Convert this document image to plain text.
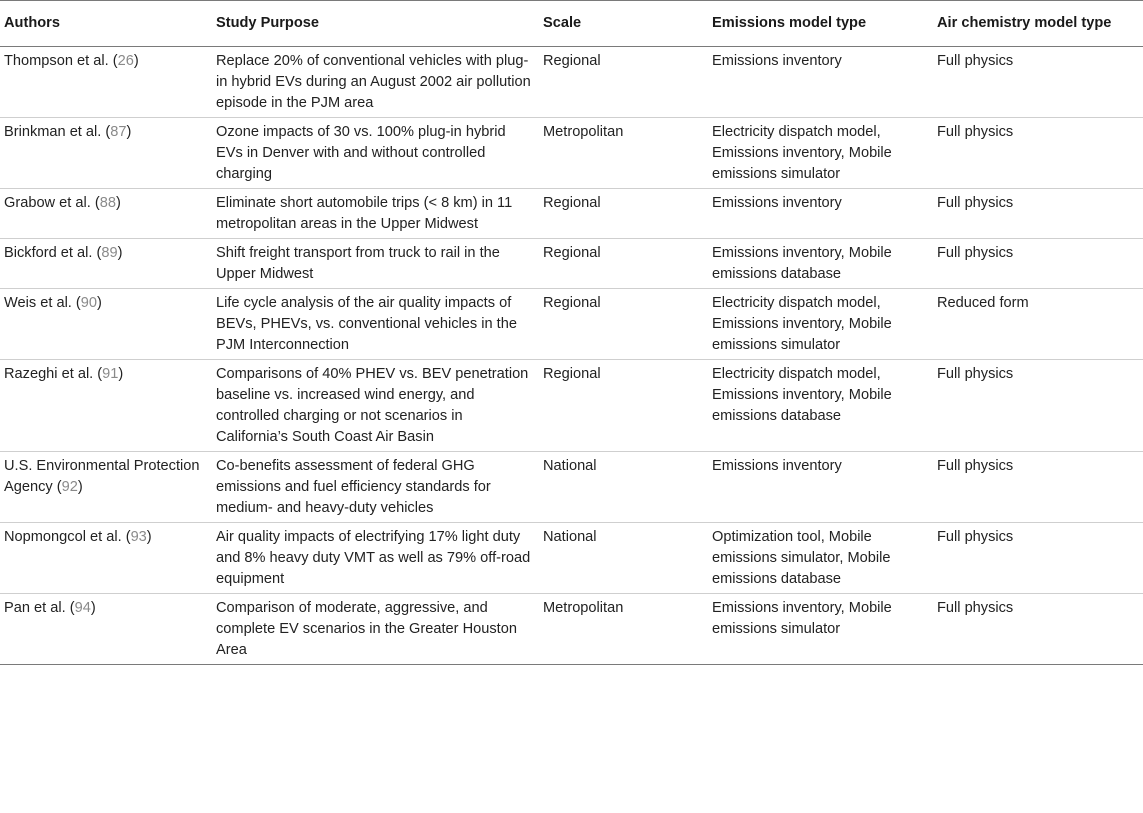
Authors	Study Purpose	Scale	Emissions model type	Air chemistry model type
Thompson et al. (26)	Replace 20% of conventional vehicles with plug-in hybrid EVs during an August 2002 air pollution episode in the PJM area	Regional	Emissions inventory	Full physics
Brinkman et al. (87)	Ozone impacts of 30 vs. 100% plug-in hybrid EVs in Denver with and without controlled charging	Metropolitan	Electricity dispatch model, Emissions inventory, Mobile emissions simulator	Full physics
Grabow et al. (88)	Eliminate short automobile trips (< 8 km) in 11 metropolitan areas in the Upper Midwest	Regional	Emissions inventory	Full physics
Bickford et al. (89)	Shift freight transport from truck to rail in the Upper Midwest	Regional	Emissions inventory, Mobile emissions database	Full physics
Weis et al. (90)	Life cycle analysis of the air quality impacts of BEVs, PHEVs, vs. conventional vehicles in the PJM Interconnection	Regional	Electricity dispatch model, Emissions inventory, Mobile emissions simulator	Reduced form
Razeghi et al. (91)	Comparisons of 40% PHEV vs. BEV penetration baseline vs. increased wind energy, and controlled charging or not scenarios in California’s South Coast Air Basin	Regional	Electricity dispatch model, Emissions inventory, Mobile emissions database	Full physics
U.S. Environmental Protection Agency (92)	Co-benefits assessment of federal GHG emissions and fuel efficiency standards for medium- and heavy-duty vehicles	National	Emissions inventory	Full physics
Nopmongcol et al. (93)	Air quality impacts of electrifying 17% light duty and 8% heavy duty VMT as well as 79% off-road equipment	National	Optimization tool, Mobile emissions simulator, Mobile emissions database	Full physics
Pan et al. (94)	Comparison of moderate, aggressive, and complete EV scenarios in the Greater Houston Area	Metropolitan	Emissions inventory, Mobile emissions simulator	Full physics
